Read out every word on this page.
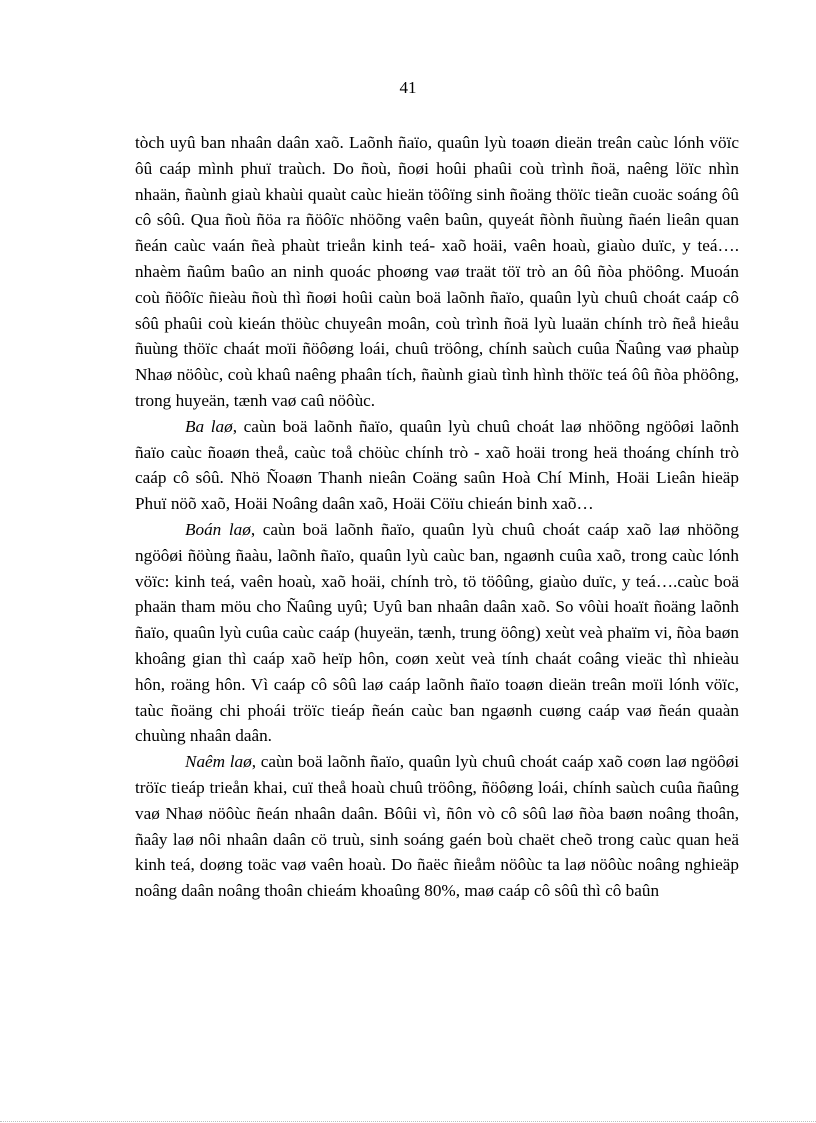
41

tòch uyû ban nhaân daân xaõ. Laõnh ñaïo, quaûn lyù toaøn dieän treân caùc lónh vöïc ôû caáp mình phuï traùch. Do ñoù, ñoøi hoûi phaûi coù trình ñoä, naêng löïc nhìn nhaän, ñaùnh giaù khaùi quaùt caùc hieän töôïng sinh ñoäng thöïc tieãn cuoäc soáng ôû cô sôû. Qua ñoù ñöa ra ñöôïc nhöõng vaên baûn, quyeát ñònh ñuùng ñaén lieân quan ñeán caùc vaán ñeà phaùt trieån kinh teá- xaõ hoäi, vaên hoaù, giaùo duïc, y teá…. nhaèm ñaûm baûo an ninh quoác phoøng vaø traät töï trò an ôû ñòa phöông. Muoán coù ñöôïc ñieàu ñoù thì ñoøi hoûi caùn boä laõnh ñaïo, quaûn lyù chuû choát caáp cô sôû phaûi coù kieán thöùc chuyeân moân, coù trình ñoä lyù luaän chính trò ñeå hieåu ñuùng thöïc chaát moïi ñöôøng loái, chuû tröông, chính saùch cuûa Ñaûng vaø phaùp Nhaø nöôùc, coù khaû naêng phaân tích, ñaùnh giaù tình hình thöïc teá ôû ñòa phöông, trong huyeän, tænh vaø caû nöôùc.

Ba laø, caùn boä laõnh ñaïo, quaûn lyù chuû choát laø nhöõng ngöôøi laõnh ñaïo caùc ñoaøn theå, caùc toå chöùc chính trò - xaõ hoäi trong heä thoáng chính trò caáp cô sôû. Nhö Ñoaøn Thanh nieân Coäng saûn Hoà Chí Minh, Hoäi Lieân hieäp Phuï nöõ xaõ, Hoäi Noâng daân xaõ, Hoäi Cöïu chieán binh xaõ…

Boán laø, caùn boä laõnh ñaïo, quaûn lyù chuû choát caáp xaõ laø nhöõng ngöôøi ñöùng ñaàu, laõnh ñaïo, quaûn lyù caùc ban, ngaønh cuûa xaõ, trong caùc lónh vöïc: kinh teá, vaên hoaù, xaõ hoäi, chính trò, tö töôûng, giaùo duïc, y teá….caùc boä phaän tham möu cho Ñaûng uyû; Uyû ban nhaân daân xaõ. So vôùi hoaït ñoäng laõnh ñaïo, quaûn lyù cuûa caùc caáp (huyeän, tænh, trung öông) xeùt veà phaïm vi, ñòa baøn khoâng gian thì caáp xaõ heïp hôn, coøn xeùt veà tính chaát coâng vieäc thì nhieàu hôn, roäng hôn. Vì caáp cô sôû laø caáp laõnh ñaïo toaøn dieän treân moïi lónh vöïc, taùc ñoäng chi phoái tröïc tieáp ñeán caùc ban ngaønh cuøng caáp vaø ñeán quaàn chuùng nhaân daân.

Naêm laø, caùn boä laõnh ñaïo, quaûn lyù chuû choát caáp xaõ coøn laø ngöôøi tröïc tieáp trieån khai, cuï theå hoaù chuû tröông, ñöôøng loái, chính saùch cuûa ñaûng vaø Nhaø nöôùc ñeán nhaân daân. Bôûi vì, ñôn vò cô sôû laø ñòa baøn noâng thoân, ñaây laø nôi nhaân daân cö truù, sinh soáng gaén boù chaët cheõ trong caùc quan heä kinh teá, doøng toäc vaø vaên hoaù. Do ñaëc ñieåm nöôùc ta laø nöôùc noâng nghieäp noâng daân noâng thoân chieám khoaûng 80%, maø caáp cô sôû thì cô baûn
